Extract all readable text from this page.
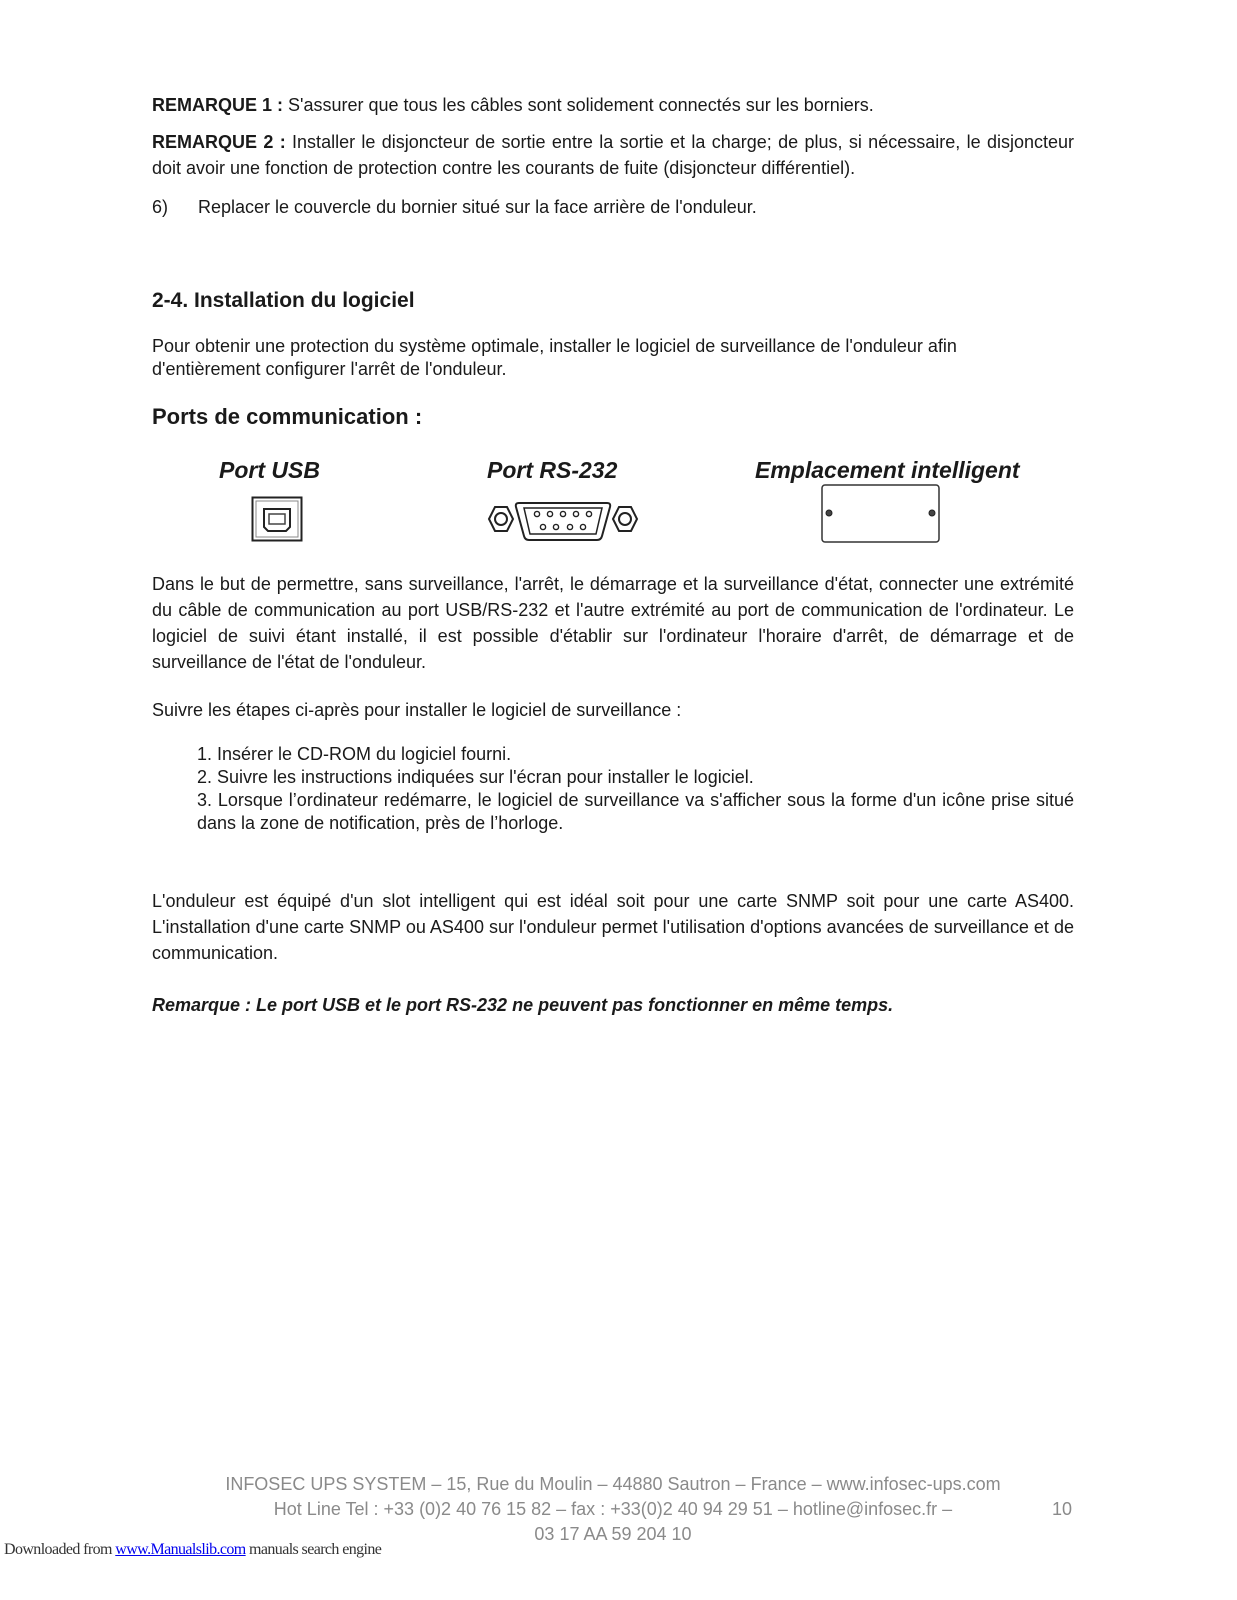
REMARQUE 1 : S'assurer que tous les câbles sont solidement connectés sur les borniers.
REMARQUE 2 : Installer le disjoncteur de sortie entre la sortie et la charge; de plus, si nécessaire, le disjoncteur doit avoir une fonction de protection contre les courants de fuite (disjoncteur différentiel).
6) Replacer le couvercle du bornier situé sur la face arrière de l'onduleur.
2-4. Installation du logiciel
Pour obtenir une protection du système optimale, installer le logiciel de surveillance de l'onduleur afin d'entièrement configurer l'arrêt de l'onduleur.
Ports de communication :
Port USB	Port RS-232	Emplacement intelligent
Dans le but de permettre, sans surveillance, l'arrêt, le démarrage et la surveillance d'état, connecter une extrémité du câble de communication au port USB/RS-232 et l'autre extrémité au port de communication de l'ordinateur. Le logiciel de suivi étant installé, il est possible d'établir sur l'ordinateur l'horaire d'arrêt, de démarrage et de surveillance de l'état de l'onduleur.
Suivre les étapes ci-après pour installer le logiciel de surveillance :
1. Insérer le CD-ROM du logiciel fourni.
2. Suivre les instructions indiquées sur l'écran pour installer le logiciel.
3. Lorsque l’ordinateur redémarre, le logiciel de surveillance va s'afficher sous la forme d'un icône prise situé dans la zone de notification, près de l’horloge.
L'onduleur est équipé d'un slot intelligent qui est idéal soit pour une carte SNMP soit pour une carte AS400. L'installation d'une carte SNMP ou AS400 sur l'onduleur permet l'utilisation d'options avancées de surveillance et de communication.
Remarque : Le port USB et le port RS-232 ne peuvent pas fonctionner en même temps.
INFOSEC UPS SYSTEM – 15, Rue du Moulin – 44880 Sautron – France – www.infosec-ups.com
Hot Line Tel : +33 (0)2 40 76 15 82 – fax : +33(0)2 40 94 29 51 – hotline@infosec.fr –
03 17 AA 59 204 10
10
Downloaded from www.Manualslib.com manuals search engine
